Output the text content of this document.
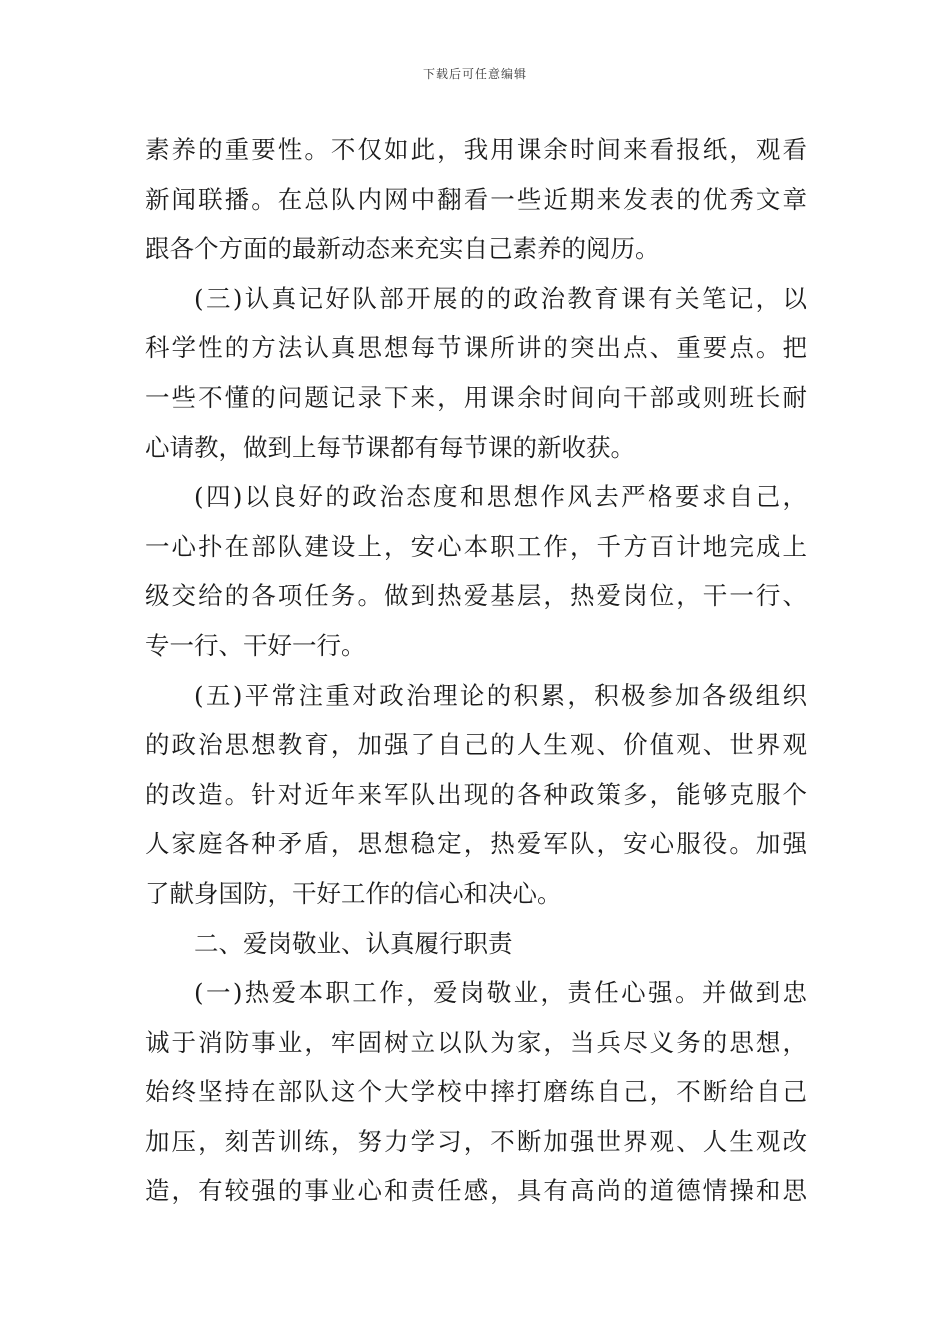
下载后可任意编辑
素养的重要性。不仅如此，我用课余时间来看报纸，观看
新闻联播。在总队内网中翻看一些近期来发表的优秀文章
跟各个方面的最新动态来充实自己素养的阅历。
(三)认真记好队部开展的的政治教育课有关笔记，以
科学性的方法认真思想每节课所讲的突出点、重要点。把
一些不懂的问题记录下来，用课余时间向干部或则班长耐
心请教，做到上每节课都有每节课的新收获。
(四)以良好的政治态度和思想作风去严格要求自己，
一心扑在部队建设上，安心本职工作，千方百计地完成上
级交给的各项任务。做到热爱基层，热爱岗位，干一行、
专一行、干好一行。
(五)平常注重对政治理论的积累，积极参加各级组织
的政治思想教育，加强了自己的人生观、价值观、世界观
的改造。针对近年来军队出现的各种政策多，能够克服个
人家庭各种矛盾，思想稳定，热爱军队，安心服役。加强
了献身国防，干好工作的信心和决心。
二、爱岗敬业、认真履行职责
(一)热爱本职工作，爱岗敬业，责任心强。并做到忠
诚于消防事业，牢固树立以队为家，当兵尽义务的思想，
始终坚持在部队这个大学校中摔打磨练自己，不断给自己
加压，刻苦训练，努力学习，不断加强世界观、人生观改
造，有较强的事业心和责任感，具有高尚的道德情操和思
